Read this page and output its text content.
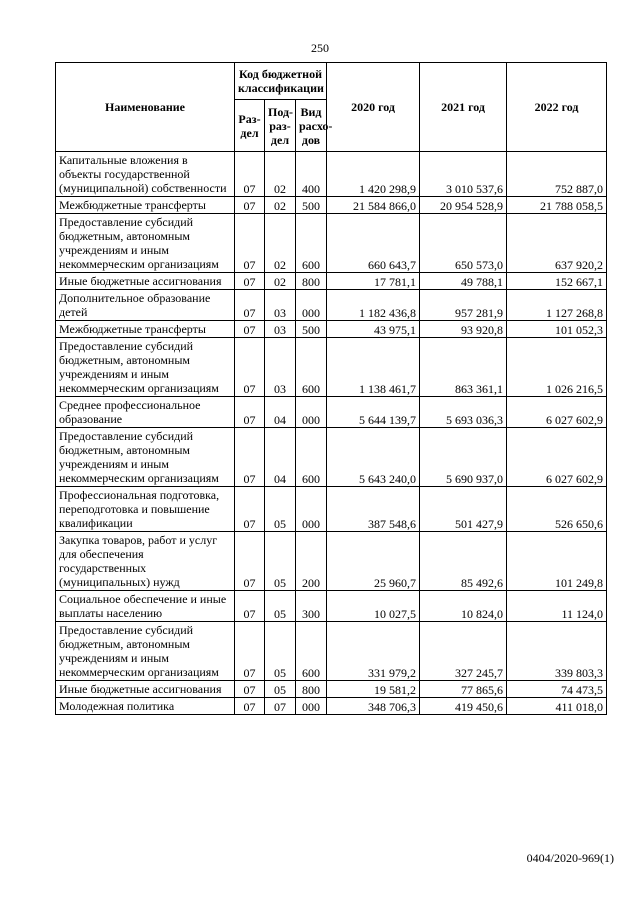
250
Наименование	Код бюджетной классификации			2020 год	2021 год	2022 год
	Раз-дел	Под-раз-дел	Вид расхо-дов			
Капитальные вложения в объекты государственной (муниципальной) собственности	07	02	400	1 420 298,9	3 010 537,6	752 887,0
Межбюджетные трансферты	07	02	500	21 584 866,0	20 954 528,9	21 788 058,5
Предоставление субсидий бюджетным, автономным учреждениям и иным некоммерческим организациям	07	02	600	660 643,7	650 573,0	637 920,2
Иные бюджетные ассигнования	07	02	800	17 781,1	49 788,1	152 667,1
Дополнительное образование детей	07	03	000	1 182 436,8	957 281,9	1 127 268,8
Межбюджетные трансферты	07	03	500	43 975,1	93 920,8	101 052,3
Предоставление субсидий бюджетным, автономным учреждениям и иным некоммерческим организациям	07	03	600	1 138 461,7	863 361,1	1 026 216,5
Среднее профессиональное образование	07	04	000	5 644 139,7	5 693 036,3	6 027 602,9
Предоставление субсидий бюджетным, автономным учреждениям и иным некоммерческим организациям	07	04	600	5 643 240,0	5 690 937,0	6 027 602,9
Профессиональная подготовка, переподготовка и повышение квалификации	07	05	000	387 548,6	501 427,9	526 650,6
Закупка товаров, работ и услуг для обеспечения государственных (муниципальных) нужд	07	05	200	25 960,7	85 492,6	101 249,8
Социальное обеспечение и иные выплаты населению	07	05	300	10 027,5	10 824,0	11 124,0
Предоставление субсидий бюджетным, автономным учреждениям и иным некоммерческим организациям	07	05	600	331 979,2	327 245,7	339 803,3
Иные бюджетные ассигнования	07	05	800	19 581,2	77 865,6	74 473,5
Молодежная политика	07	07	000	348 706,3	419 450,6	411 018,0
0404/2020-969(1)
